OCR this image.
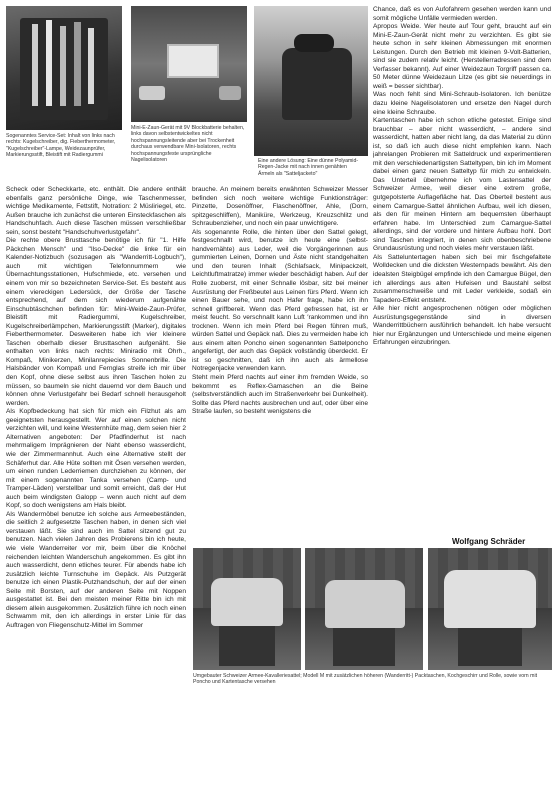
Sogenanntes Service-Set: Inhalt von links nach rechts: Kugelschreiber, dig. Fieberthermometer, "Kugelschreiber"-Lampe, Weidezaunprüfer, Markierungsstift, Bleistift mit Radiergummi
Mini-E-Zaun-Gerät mit 9V Blockbatterie behalten, links davon selbstentwickeltes nicht hochspannungsleitende aber bei Trockenheit durchaus verwendbare Mini-Isolatoren, rechts hochspannungsfeste ursprüngliche Nagelisolatoren	Eine andere Lösung: Eine dünne Polyamid-Regen-Jacke mit nach innen genähten Ärmeln als "Satteljacketo"

Chance, daß es von Aufofahrern gesehen werden kann und somit mögliche Unfälle vermieden werden.
Apropos Weide. Wer heute auf Tour geht, braucht auf ein Mini-E-Zaun-Gerät nicht mehr zu verzichten. Es gibt sie heute schon in sehr kleinen Abmessungen mit enormen Leistungen. Durch den Betrieb mit kleinen 9-Volt-Batterien, sind sie zudem relativ leicht. (Herstellerradressen sind dem Verfasser bekannt). Auf einer Weidezaun Torgriff passen ca. 50 Meter dünne Weidezaun Litze (es gibt sie neuerdings in weiß = besser sichtbar).
Was noch fehlt sind Mini-Schraub-Isolatoren. Ich benütze dazu kleine Nagelisolatoren und ersetze den Nagel durch eine kleine Schraube.
Kartentaschen habe ich schon etliche getestet. Einige sind brauchbar – aber nicht wasserdicht, – andere sind wasserdicht, hatten aber nicht lang, da das Material zu dünn ist, so daß ich auch diese nicht empfehlen kann. Nach jahrelangen Probieren mit Satteldruck und experimentieren mit den verschiedenartigsten Satteltypen, bin ich im Moment dabei einen ganz neuen Satteltyp für mich zu entwickeln. Das Unterteil übernehme ich vom Lastensattel der Schweizer Armee, weil dieser eine extrem große, gutgepolsterte Auflagefläche hat. Das Oberteil besteht aus einem Camargue-Sattel ähnlichen Aufbau, weil ich diesen, als den für meinen Hintern am bequemsten überhaupt erfahren habe. Im Unterschied zum Camargue-Sattel allerdings, sind der vordere und hintere Aufbau hohl. Dort sind Taschen integriert, in denen sich obenbeschriebene Grundausrüstung und noch vieles mehr verstauen läßt.
Als Satteluntertagen haben sich bei mir fischgefaltete Wolldecken und die dicksten Westernpads bewährt. Als den idealsten Steigbügel empfinde ich den Camargue Bügel, den ich allerdings aus alten Hufeisen und Baustahl selbst zusammenschweiße und mit Leder verkleide, sodaß ein Tapadero-Effekt entsteht.
Alle hier nicht angesprochenen nötigen oder möglichen Ausrüstungsgegenstände sind in diversen Wanderrittbüchern ausführlich behandelt. Ich habe versucht hier nur Ergänzungen und Unterschiede und meine eigenen Erfahrungen einzubringen.

Scheck oder Scheckkarte, etc. enthält. Die andere enthält ebenfalls ganz persönliche Dinge, wie Taschenmesser, wichtige Medikamente, Fettstift, Notration: 2 Müsliriegel, etc. Außen brauche ich zunächst die unteren Einsteckfaschen als Handschuhfach. Auch diese Taschen müssen verschließbar sein, sonst besteht "Handschuhverlustgefahr".
Die rechte obere Brusttasche benötige ich für "1. Hilfe Päckchen Mensch" und "Ilso-Decke" die linke für ein Kalender-Notizbuch (sozusagen als "Wanderritt-Logbuch"), auch mit wichtigen Telefonnummern wie Übernachtungsstationen, Hufschmiede, etc. versehen und einem von mir so bezeichneten Service-Set. Es besteht aus einem viereckigen Ledersück, der Größe der Tasche entsprechend, auf dem sich wiederum aufgenähte Einschubtäschchen befinden für: Mini-Weide-Zaun-Prüfer, Bleistift mit Radiergummi, Kugelschreiber, Kugelschreiberlämpchen, Markierungsstift (Marker), digitales Fieberthermometer. Desweiteren habe ich vier kleinere Taschen oberhalb dieser Brusttaschen aufgenäht. Sie enthalten von links nach rechts: Miniradio mit Ohrh., Kompaß, Minikerzen, Minilanrepiecies Sonnenbrille. Die Halsbänder von Kompaß und Fernglas streife ich mir über den Kopf, ohne diese selbst aus ihren Taschen holen zu müssen, so baumeln sie nicht dauernd vor dem Bauch und können ohne Verlustgefahr bei Bedarf schnell herausgeholt werden.
Als Kopfbedeckung hat sich für mich ein Filzhut als am geeignetsten herausgestellt. Wer auf einen solchen nicht verzichten will, und keine Westernhüte mag, dem seien hier 2 Alternativen angeboten: Der Pfadfinderhut ist nach mehrmaligem Imprägnieren der Naht ebenso wasserdicht, wie der Zimmermannhut. Auch eine Alternative stellt der Schäferhut dar. Alle Hüte sollten mit Ösen versehen werden, um einen runden Lederriemen durchziehen zu können, der mit einem sogenannten Tanka versehen (Camp- und Tramper-Läden) verstellbar und somit erreicht, daß der Hut auch beim windigsten Galopp – wenn auch nicht auf dem Kopf, so doch wenigstens am Hals bleibt.
Als Wandermöbel benutze ich solche aus Armeebeständen, die seitlich 2 aufgesetzte Taschen haben, in denen sich viel verstauen läßt. Sie sind auch im Sattel sitzend gut zu benutzen. Nach vielen Jahren des Probierens bin ich heute, wie viele Wanderreiter vor mir, beim über die Knöchel reichenden leichten Wanderschuh angekommen. Es gibt ihn auch wasserdicht, denn etliches teurer. Für abends habe ich zusätzlich leichte Turnschuhe im Gepäck. Als Putzgerät benutze ich einen Plastik-Putzhandschuh, der auf der einen Seite mit Borsten, auf der anderen Seite mit Noppen ausgestattet ist. Bei den meisten meiner Ritte bin ich mit diesem allein ausgekommen. Zusätzlich führe ich noch einen Schwamm mit, den ich allerdings in erster Linie für das Auftragen von Fliegenschutz-Mittel im Sommer

brauche. An meinem bereits erwähnten Schweizer Messer befinden sich noch weitere wichtige Funktionsträger: Pinzette, Dosenöffner, Flaschenöffner, Ahle, (Dorn, spitzgeschliffen), Maniküre, Werkzeug, Kreuzschlitz und Schraubenzieher, und noch ein paar unwichtigere.
Als sogenannte Rolle, die hinten über den Sattel gelegt, festgeschnallt wird, benutze ich heute eine (selbst-handvernähte) aus Leder, weil die Vorgängerinnen aus gummierten Leinen, Dornen und Äste nicht standgehalten und den teuren Inhalt (Schlafsack, Minipackzelt, Leichtluftmatratze) immer wieder beschädigt haben. Auf der Rolle zuoberst, mit einer Schnalle lösbar, sitz bei meiner Ausrüstung der Freßbeutel aus Leinen fürs Pferd. Wenn ich einen Bauer sehe, und noch Hafer frage, habe ich ihn schnell griffbereit. Wenn das Pferd gefressen hat, ist er meist feucht. So verschnallt kann Luft ′rankommen und ihn trocknen. Wenn ich mein Pferd bei Regen führen muß, würden Sattel und Gepäck naß. Dies zu vermeiden habe ich aus einem alten Poncho einen sogenannten Sattelponcho angefertigt, der auch das Gepäck vollständig überdeckt. Er ist so geschnitten, daß ich ihn auch als ärmellose Notregenjacke verwenden kann.
Steht mein Pferd nachts auf einer ihm fremden Weide, so bekommt es Reflex-Gamaschen an die Beine (selbstverständlich auch im Straßenverkehr bei Dunkelheit). Sollte das Pferd nachts ausbrechen und auf, oder über eine Straße laufen, so besteht wenigstens die

Wolfgang Schräder
Umgebauter Schweizer Armee-Kavalleriesattel; Modell M mit zusätzlichen höheren (Wanderritt-) Packtaschen, Kochgeschirr und Rolle, sowie vorn mit Poncho und Kartentasche versehen
